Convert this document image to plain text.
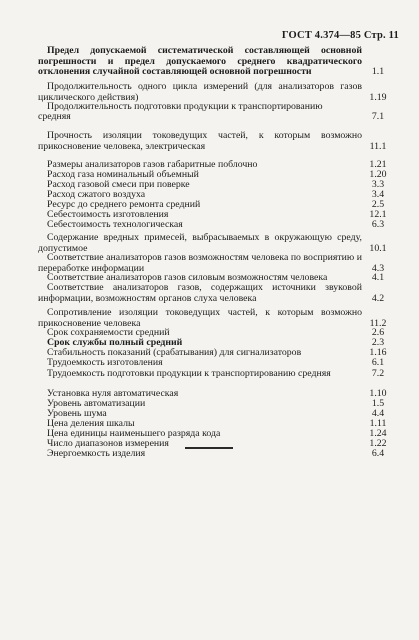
ГОСТ 4.374—85 Стр. 11
Предел допускаемой систематической составляющей основной погрешности и предел допускаемого среднего квадратического отклонения случайной составляющей основной погрешности	1.1
Продолжительность одного цикла измерений (для анализаторов газов циклического действия)	1.19
Продолжительность подготовки продукции к транспортированию
средняя	7.1
Прочность изоляции токоведущих частей, к которым возможно прикосновение человека, электрическая	11.1
Размеры анализаторов газов габаритные поблочно	1.21
Расход газа номинальный объемный	1.20
Расход газовой смеси при поверке	3.3
Расход сжатого воздуха	3.4
Ресурс до среднего ремонта средний	2.5
Себестоимость изготовления	12.1
Себестоимость технологическая	6.3
Содержание вредных примесей, выбрасываемых в окружающую среду, допустимое	10.1
Соответствие анализаторов газов возможностям человека по восприятию и переработке информации	4.3
Соответствие анализаторов газов силовым возможностям человека	4.1
Соответствие анализаторов газов, содержащих источники звуковой информации, возможностям органов слуха человека	4.2
Сопротивление изоляции токоведущих частей, к которым возможно прикосновение человека	11.2
Срок сохраняемости средний	2.6
Срок службы полный средний	2.3
Стабильность показаний (срабатывания) для сигнализаторов	1.16
Трудоемкость изготовления	6.1
Трудоемкость подготовки продукции к транспортированию средняя	7.2
Установка нуля автоматическая	1.10
Уровень автоматизации	1.5
Уровень шума	4.4
Цена деления шкалы	1.11
Цена единицы наименьшего разряда кода	1.24
Число диапазонов измерения	1.22
Энергоемкость изделия	6.4
